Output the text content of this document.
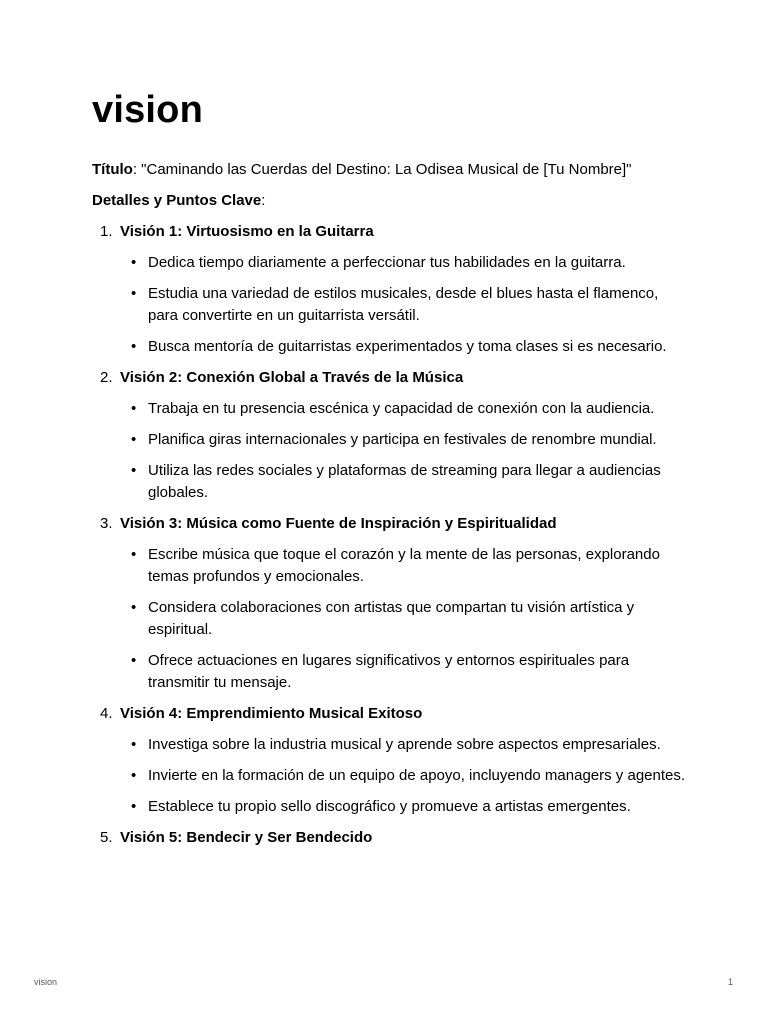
vision

Título: "Caminando las Cuerdas del Destino: La Odisea Musical de [Tu Nombre]"

Detalles y Puntos Clave:

1. Visión 1: Virtuosismo en la Guitarra
• Dedica tiempo diariamente a perfeccionar tus habilidades en la guitarra.
• Estudia una variedad de estilos musicales, desde el blues hasta el flamenco, para convertirte en un guitarrista versátil.
• Busca mentoría de guitarristas experimentados y toma clases si es necesario.
2. Visión 2: Conexión Global a Través de la Música
• Trabaja en tu presencia escénica y capacidad de conexión con la audiencia.
• Planifica giras internacionales y participa en festivales de renombre mundial.
• Utiliza las redes sociales y plataformas de streaming para llegar a audiencias globales.
3. Visión 3: Música como Fuente de Inspiración y Espiritualidad
• Escribe música que toque el corazón y la mente de las personas, explorando temas profundos y emocionales.
• Considera colaboraciones con artistas que compartan tu visión artística y espiritual.
• Ofrece actuaciones en lugares significativos y entornos espirituales para transmitir tu mensaje.
4. Visión 4: Emprendimiento Musical Exitoso
• Investiga sobre la industria musical y aprende sobre aspectos empresariales.
• Invierte en la formación de un equipo de apoyo, incluyendo managers y agentes.
• Establece tu propio sello discográfico y promueve a artistas emergentes.
5. Visión 5: Bendecir y Ser Bendecido
vision	1
